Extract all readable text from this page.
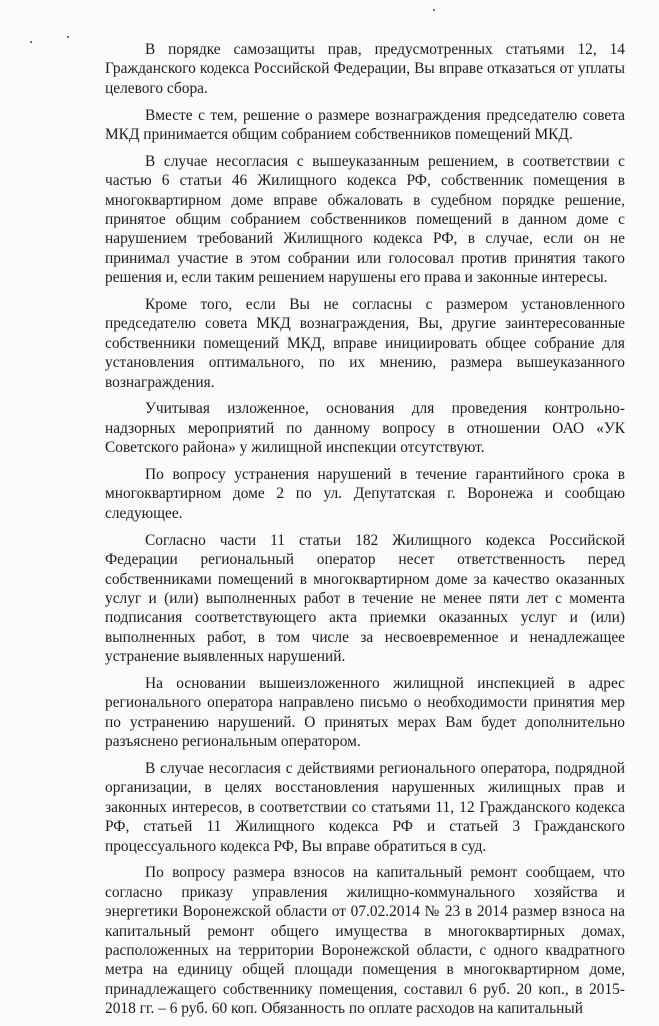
В порядке самозащиты прав, предусмотренных статьями 12, 14 Гражданского кодекса Российской Федерации, Вы вправе отказаться от уплаты целевого сбора.

Вместе с тем, решение о размере вознаграждения председателю совета МКД принимается общим собранием собственников помещений МКД.

В случае несогласия с вышеуказанным решением, в соответствии с частью 6 статьи 46 Жилищного кодекса РФ, собственник помещения в многоквартирном доме вправе обжаловать в судебном порядке решение, принятое общим собранием собственников помещений в данном доме с нарушением требований Жилищного кодекса РФ, в случае, если он не принимал участие в этом собрании или голосовал против принятия такого решения и, если таким решением нарушены его права и законные интересы.

Кроме того, если Вы не согласны с размером установленного председателю совета МКД вознаграждения, Вы, другие заинтересованные собственники помещений МКД, вправе инициировать общее собрание для установления оптимального, по их мнению, размера вышеуказанного вознаграждения.

Учитывая изложенное, основания для проведения контрольно-надзорных мероприятий по данному вопросу в отношении ОАО «УК Советского района» у жилищной инспекции отсутствуют.

По вопросу устранения нарушений в течение гарантийного срока в многоквартирном доме 2 по ул. Депутатская г. Воронежа и сообщаю следующее.

Согласно части 11 статьи 182 Жилищного кодекса Российской Федерации региональный оператор несет ответственность перед собственниками помещений в многоквартирном доме за качество оказанных услуг и (или) выполненных работ в течение не менее пяти лет с момента подписания соответствующего акта приемки оказанных услуг и (или) выполненных работ, в том числе за несвоевременное и ненадлежащее устранение выявленных нарушений.

На основании вышеизложенного жилищной инспекцией в адрес регионального оператора направлено письмо о необходимости принятия мер по устранению нарушений. О принятых мерах Вам будет дополнительно разъяснено региональным оператором.

В случае несогласия с действиями регионального оператора, подрядной организации, в целях восстановления нарушенных жилищных прав и законных интересов, в соответствии со статьями 11, 12 Гражданского кодекса РФ, статьей 11 Жилищного кодекса РФ и статьей 3 Гражданского процессуального кодекса РФ, Вы вправе обратиться в суд.

По вопросу размера взносов на капитальный ремонт сообщаем, что согласно приказу управления жилищно-коммунального хозяйства и энергетики Воронежской области от 07.02.2014 № 23 в 2014 размер взноса на капитальный ремонт общего имущества в многоквартирных домах, расположенных на территории Воронежской области, с одного квадратного метра на единицу общей площади помещения в многоквартирном доме, принадлежащего собственнику помещения, составил 6 руб. 20 коп., в 2015-2018 гг. – 6 руб. 60 коп. Обязанность по оплате расходов на капитальный
